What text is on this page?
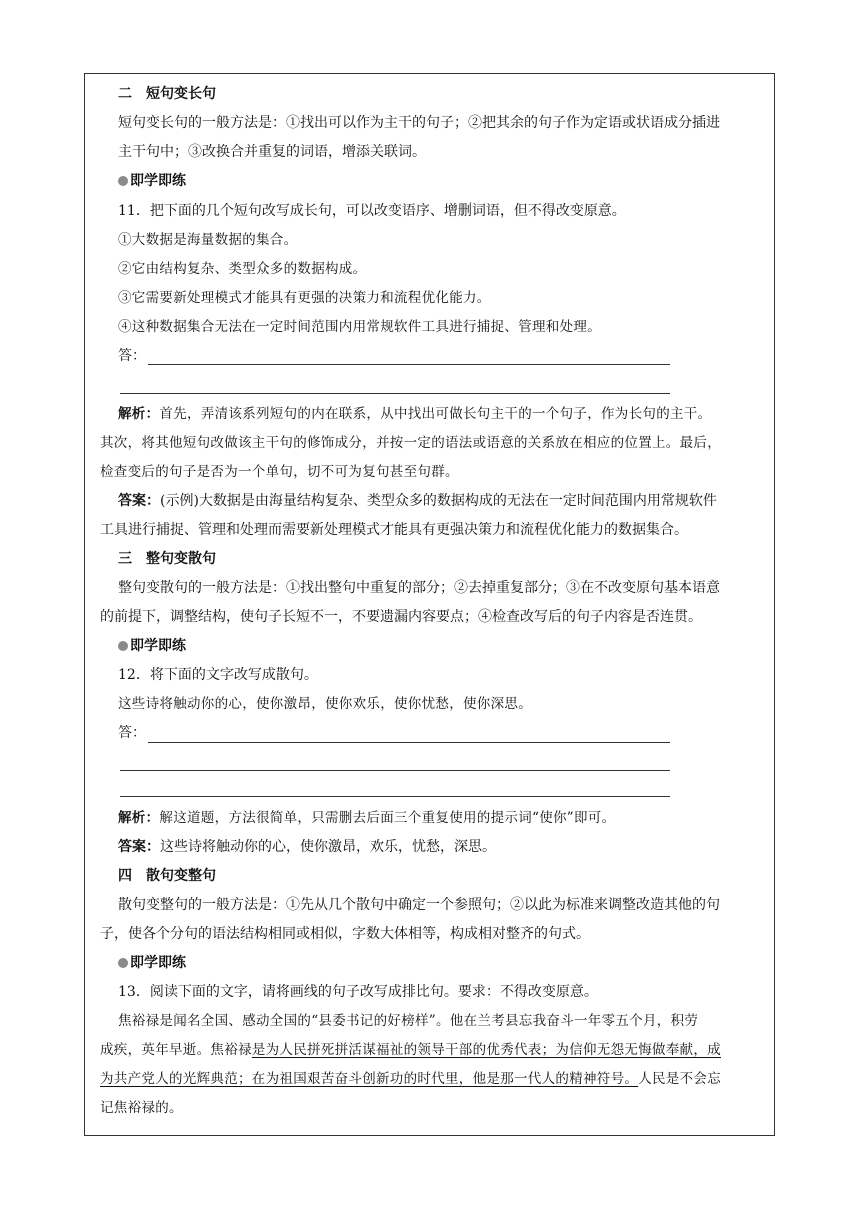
二　短句变长句
短句变长句的一般方法是：①找出可以作为主干的句子；②把其余的句子作为定语或状语成分插进
主干句中；③改换合并重复的词语，增添关联词。
即学即练
11．把下面的几个短句改写成长句，可以改变语序、增删词语，但不得改变原意。
①大数据是海量数据的集合。
②它由结构复杂、类型众多的数据构成。
③它需要新处理模式才能具有更强的决策力和流程优化能力。
④这种数据集合无法在一定时间范围内用常规软件工具进行捕捉、管理和处理。
答：
解析：首先，弄清该系列短句的内在联系，从中找出可做长句主干的一个句子，作为长句的主干。
其次，将其他短句改做该主干句的修饰成分，并按一定的语法或语意的关系放在相应的位置上。最后，
检查变后的句子是否为一个单句，切不可为复句甚至句群。
答案：(示例)大数据是由海量结构复杂、类型众多的数据构成的无法在一定时间范围内用常规软件
工具进行捕捉、管理和处理而需要新处理模式才能具有更强决策力和流程优化能力的数据集合。
三　整句变散句
整句变散句的一般方法是：①找出整句中重复的部分；②去掉重复部分；③在不改变原句基本语意
的前提下，调整结构，使句子长短不一，不要遗漏内容要点；④检查改写后的句子内容是否连贯。
即学即练
12．将下面的文字改写成散句。
这些诗将触动你的心，使你激昂，使你欢乐，使你忧愁，使你深思。
答：
解析：解这道题，方法很简单，只需删去后面三个重复使用的提示词“使你”即可。
答案：这些诗将触动你的心，使你激昂，欢乐，忧愁，深思。
四　散句变整句
散句变整句的一般方法是：①先从几个散句中确定一个参照句；②以此为标准来调整改造其他的句
子，使各个分句的语法结构相同或相似，字数大体相等，构成相对整齐的句式。
即学即练
13．阅读下面的文字，请将画线的句子改写成排比句。要求：不得改变原意。
焦裕禄是闻名全国、感动全国的“县委书记的好榜样”。他在兰考县忘我奋斗一年零五个月，积劳
成疾，英年早逝。焦裕禄是为人民拼死拼活谋福祉的领导干部的优秀代表；为信仰无怨无悔做奉献，成
为共产党人的光辉典范；在为祖国艰苦奋斗创新功的时代里，他是那一代人的精神符号。人民是不会忘
记焦裕禄的。
